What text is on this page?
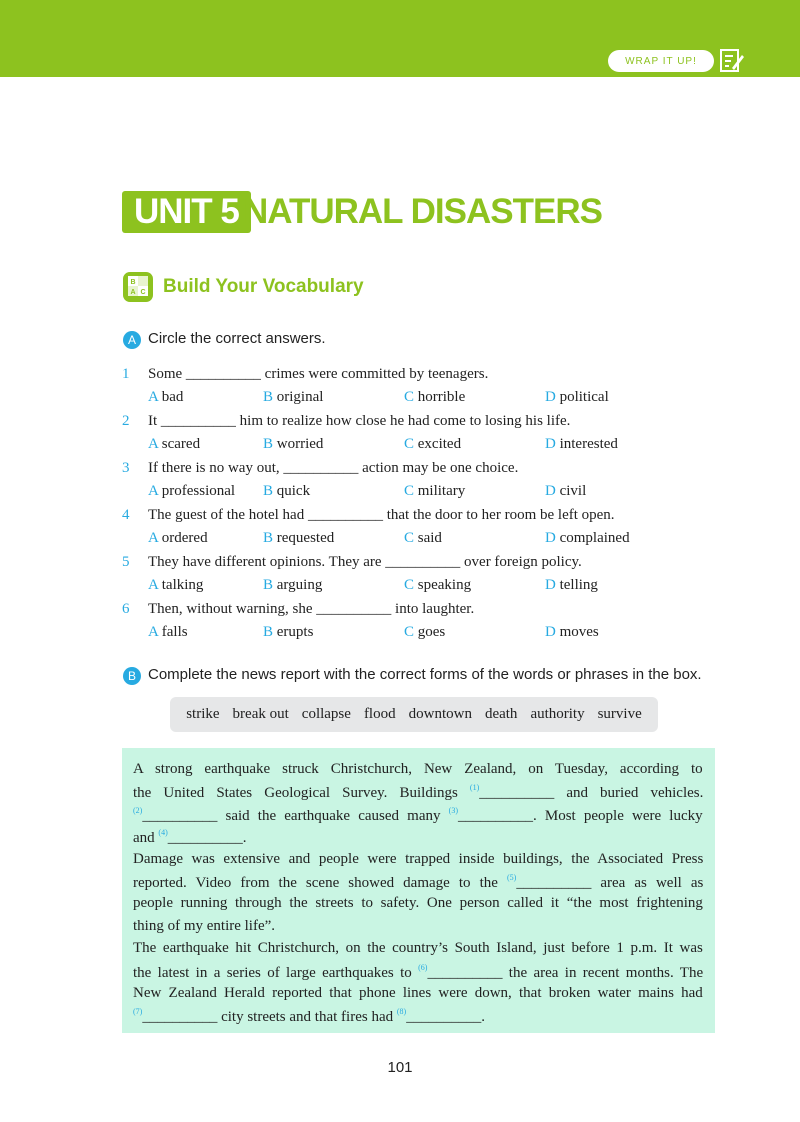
WRAP IT UP!
UNIT 5 NATURAL DISASTERS
B
A C Build Your Vocabulary
A Circle the correct answers.
1 Some __________ crimes were committed by teenagers.
A bad	B original	C horrible	D political
2 It __________ him to realize how close he had come to losing his life.
A scared	B worried	C excited	D interested
3 If there is no way out, __________ action may be one choice.
A professional B quick	C military	D civil
4 The guest of the hotel had __________ that the door to her room be left open.
A ordered	B requested	C said	D complained
5 They have different opinions. They are __________ over foreign policy.
A talking	B arguing	C speaking	D telling
6 Then, without warning, she __________ into laughter.
A falls	B erupts	C goes	D moves
B Complete the news report with the correct forms of the words or phrases in the box.
strike break out collapse flood downtown death authority survive
A strong earthquake struck Christchurch, New Zealand, on Tuesday, according to
the United States Geological Survey. Buildings $^{(1)}$__________ and buried vehicles.
$^{(2)}$__________ said the earthquake caused many $^{(3)}$__________. Most people were lucky
and $^{(4)}$__________.
Damage was extensive and people were trapped inside buildings, the Associated Press
reported. Video from the scene showed damage to the $^{(5)}$__________ area as well as
people running through the streets to safety. One person called it “the most frightening
thing of my entire life”.
The earthquake hit Christchurch, on the country’s South Island, just before 1 p.m. It was
the latest in a series of large earthquakes to $^{(6)}$__________ the area in recent months. The
New Zealand Herald reported that phone lines were down, that broken water mains had
$^{(7)}$__________ city streets and that fires had $^{(8)}$__________.
101
